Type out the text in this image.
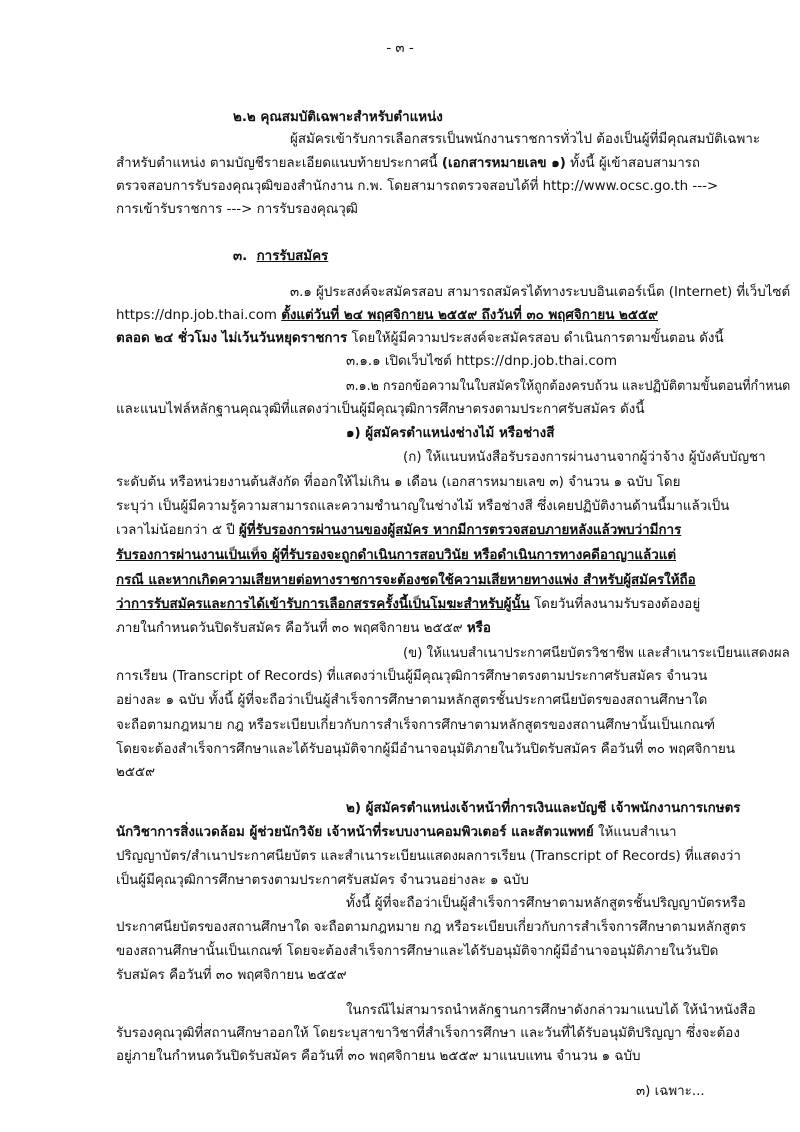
- ๓ -
๒.๒ คุณสมบัติเฉพาะสำหรับตำแหน่ง
ผู้สมัครเข้ารับการเลือกสรรเป็นพนักงานราชการทั่วไป ต้องเป็นผู้ที่มีคุณสมบัติเฉพาะ
สำหรับตำแหน่ง ตามบัญชีรายละเอียดแนบท้ายประกาศนี้ (เอกสารหมายเลข ๑) ทั้งนี้ ผู้เข้าสอบสามารถ
ตรวจสอบการรับรองคุณวุฒิของสำนักงาน ก.พ. โดยสามารถตรวจสอบได้ที่ http://www.ocsc.go.th --->
การเข้ารับราชการ ---> การรับรองคุณวุฒิ
๓. การรับสมัคร
๓.๑ ผู้ประสงค์จะสมัครสอบ สามารถสมัครได้ทางระบบอินเตอร์เน็ต (Internet) ที่เว็บไซต์
https://dnp.job.thai.com ตั้งแต่วันที่ ๒๔ พฤศจิกายน ๒๕๕๙ ถึงวันที่ ๓๐ พฤศจิกายน ๒๕๕๙
ตลอด ๒๔ ชั่วโมง ไม่เว้นวันหยุดราชการ โดยให้ผู้มีความประสงค์จะสมัครสอบ ดำเนินการตามขั้นตอน ดังนี้
๓.๑.๑ เปิดเว็บไซต์ https://dnp.job.thai.com
๓.๑.๒ กรอกข้อความในใบสมัครให้ถูกต้องครบถ้วน และปฏิบัติตามขั้นตอนที่กำหนด
และแนบไฟล์หลักฐานคุณวุฒิที่แสดงว่าเป็นผู้มีคุณวุฒิการศึกษาตรงตามประกาศรับสมัคร ดังนี้
๑) ผู้สมัครตำแหน่งช่างไม้ หรือช่างสี
(ก) ให้แนบหนังสือรับรองการผ่านงานจากผู้ว่าจ้าง ผู้บังคับบัญชา
ระดับต้น หรือหน่วยงานต้นสังกัด ที่ออกให้ไม่เกิน ๑ เดือน (เอกสารหมายเลข ๓) จำนวน ๑ ฉบับ โดย
ระบุว่า เป็นผู้มีความรู้ความสามารถและความชำนาญในช่างไม้ หรือช่างสี ซึ่งเคยปฏิบัติงานด้านนี้มาแล้วเป็น
เวลาไม่น้อยกว่า ๕ ปี ผู้ที่รับรองการผ่านงานของผู้สมัคร หากมีการตรวจสอบภายหลังแล้วพบว่ามีการ
รับรองการผ่านงานเป็นเท็จ ผู้ที่รับรองจะถูกดำเนินการสอบวินัย หรือดำเนินการทางคดีอาญาแล้วแต่
กรณี และหากเกิดความเสียหายต่อทางราชการจะต้องชดใช้ความเสียหายทางแพ่ง สำหรับผู้สมัครให้ถือ
ว่าการรับสมัครและการได้เข้ารับการเลือกสรรครั้งนี้เป็นโมฆะสำหรับผู้นั้น โดยวันที่ลงนามรับรองต้องอยู่
ภายในกำหนดวันปิดรับสมัคร คือวันที่ ๓๐ พฤศจิกายน ๒๕๕๙ หรือ
(ข) ให้แนบสำเนาประกาศนียบัตรวิชาชีพ และสำเนาระเบียนแสดงผล
การเรียน (Transcript of Records) ที่แสดงว่าเป็นผู้มีคุณวุฒิการศึกษาตรงตามประกาศรับสมัคร จำนวน
อย่างละ ๑ ฉบับ ทั้งนี้ ผู้ที่จะถือว่าเป็นผู้สำเร็จการศึกษาตามหลักสูตรชั้นประกาศนียบัตรของสถานศึกษาใด
จะถือตามกฎหมาย กฎ หรือระเบียบเกี่ยวกับการสำเร็จการศึกษาตามหลักสูตรของสถานศึกษานั้นเป็นเกณฑ์
โดยจะต้องสำเร็จการศึกษาและได้รับอนุมัติจากผู้มีอำนาจอนุมัติภายในวันปิดรับสมัคร คือวันที่ ๓๐ พฤศจิกายน
๒๕๕๙
๒) ผู้สมัครตำแหน่งเจ้าหน้าที่การเงินและบัญชี เจ้าพนักงานการเกษตร
นักวิชาการสิ่งแวดล้อม ผู้ช่วยนักวิจัย เจ้าหน้าที่ระบบงานคอมพิวเตอร์ และสัตวแพทย์ ให้แนบสำเนา
ปริญญาบัตร/สำเนาประกาศนียบัตร และสำเนาระเบียนแสดงผลการเรียน (Transcript of Records) ที่แสดงว่า
เป็นผู้มีคุณวุฒิการศึกษาตรงตามประกาศรับสมัคร จำนวนอย่างละ ๑ ฉบับ
ทั้งนี้ ผู้ที่จะถือว่าเป็นผู้สำเร็จการศึกษาตามหลักสูตรชั้นปริญญาบัตรหรือ
ประกาศนียบัตรของสถานศึกษาใด จะถือตามกฎหมาย กฎ หรือระเบียบเกี่ยวกับการสำเร็จการศึกษาตามหลักสูตร
ของสถานศึกษานั้นเป็นเกณฑ์ โดยจะต้องสำเร็จการศึกษาและได้รับอนุมัติจากผู้มีอำนาจอนุมัติภายในวันปิด
รับสมัคร คือวันที่ ๓๐ พฤศจิกายน ๒๕๕๙
ในกรณีไม่สามารถนำหลักฐานการศึกษาดังกล่าวมาแนบได้ ให้นำหนังสือ
รับรองคุณวุฒิที่สถานศึกษาออกให้ โดยระบุสาขาวิชาที่สำเร็จการศึกษา และวันที่ได้รับอนุมัติปริญญา ซึ่งจะต้อง
อยู่ภายในกำหนดวันปิดรับสมัคร คือวันที่ ๓๐ พฤศจิกายน ๒๕๕๙ มาแนบแทน จำนวน ๑ ฉบับ
๓) เฉพาะ...
